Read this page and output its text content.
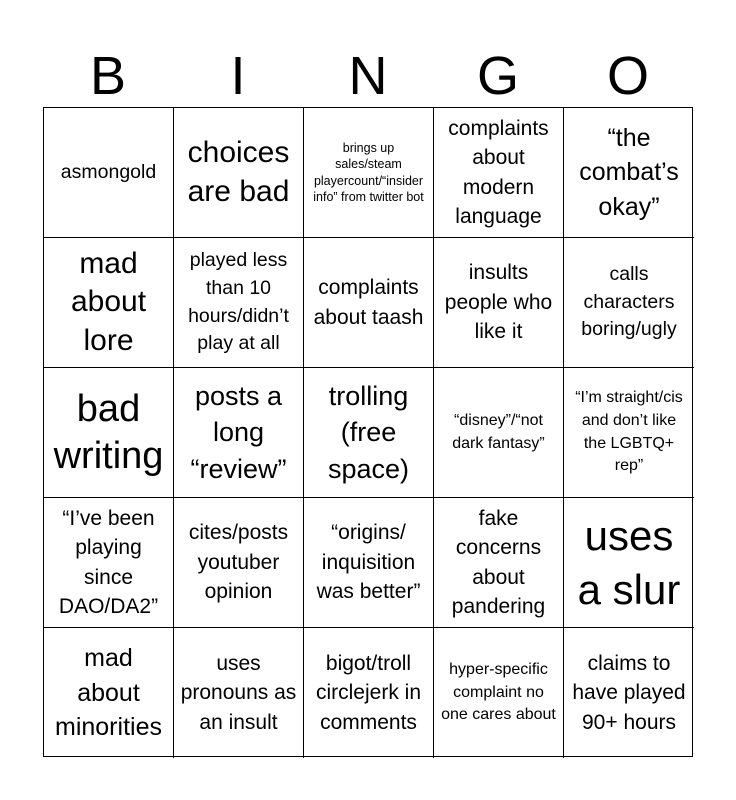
B	I	N	G	O
asmongold
choices are bad
brings up sales/steam playercount/“insider info” from twitter bot
complaints about modern language
“the combat’s okay”
mad about lore
played less than 10 hours/didn’t play at all
complaints about taash
insults people who like it
calls characters boring/ugly
bad writing
posts a long “review”
trolling (free space)
“disney”/“not dark fantasy”
“I’m straight/cis and don’t like the LGBTQ+ rep”
“I’ve been playing since DAO/DA2”
cites/posts youtuber opinion
“origins/ inquisition was better”
fake concerns about pandering
uses a slur
mad about minorities
uses pronouns as an insult
bigot/troll circlejerk in comments
hyper-specific complaint no one cares about
claims to have played 90+ hours
